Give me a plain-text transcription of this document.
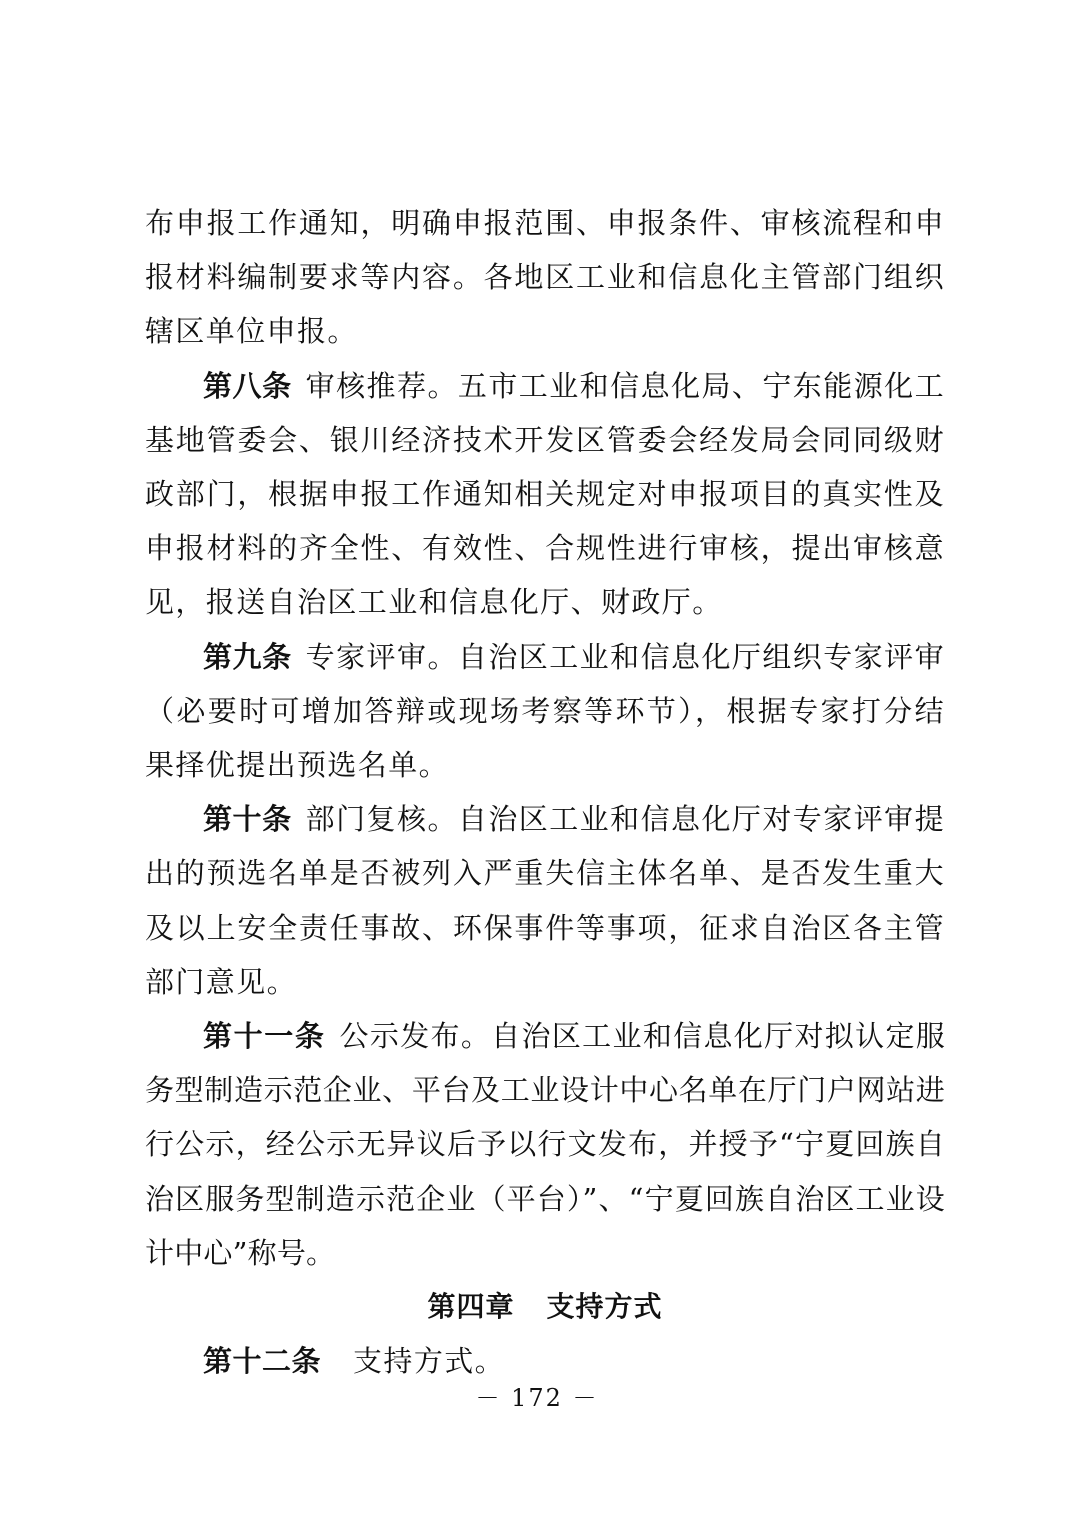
布申报工作通知，明确申报范围、申报条件、审核流程和申报材料编制要求等内容。各地区工业和信息化主管部门组织辖区单位申报。

第八条 审核推荐。五市工业和信息化局、宁东能源化工基地管委会、银川经济技术开发区管委会经发局会同同级财政部门，根据申报工作通知相关规定对申报项目的真实性及申报材料的齐全性、有效性、合规性进行审核，提出审核意见，报送自治区工业和信息化厅、财政厅。

第九条 专家评审。自治区工业和信息化厅组织专家评审（必要时可增加答辩或现场考察等环节），根据专家打分结果择优提出预选名单。

第十条 部门复核。自治区工业和信息化厅对专家评审提出的预选名单是否被列入严重失信主体名单、是否发生重大及以上安全责任事故、环保事件等事项，征求自治区各主管部门意见。

第十一条 公示发布。自治区工业和信息化厅对拟认定服务型制造示范企业、平台及工业设计中心名单在厅门户网站进行公示，经公示无异议后予以行文发布，并授予“宁夏回族自治区服务型制造示范企业（平台）”、“宁夏回族自治区工业设计中心”称号。

第四章 支持方式

第十二条 支持方式。

－ 172 －
